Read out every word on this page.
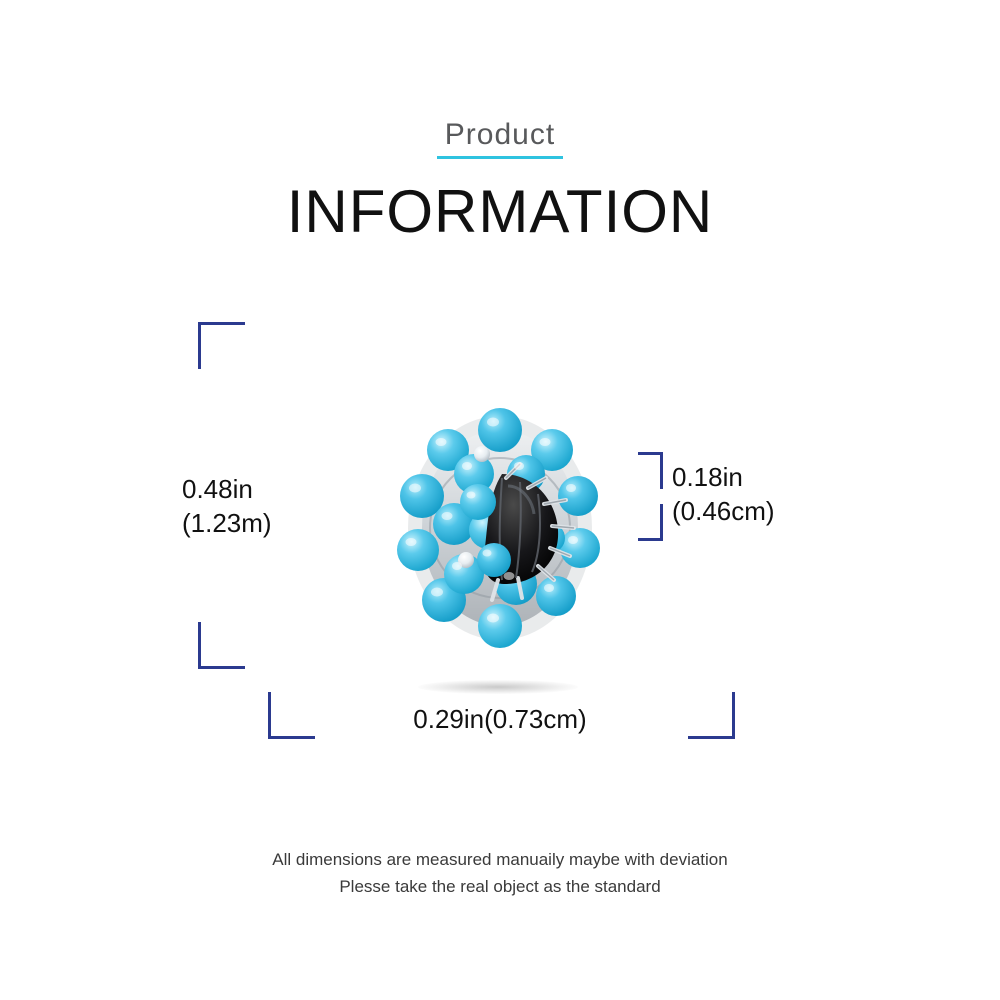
Product
INFORMATION
0.48in
(1.23m)
0.18in
(0.46cm)
0.29in(0.73cm)
All dimensions are measured manuaily maybe with deviation
Plesse take the real object as the standard
